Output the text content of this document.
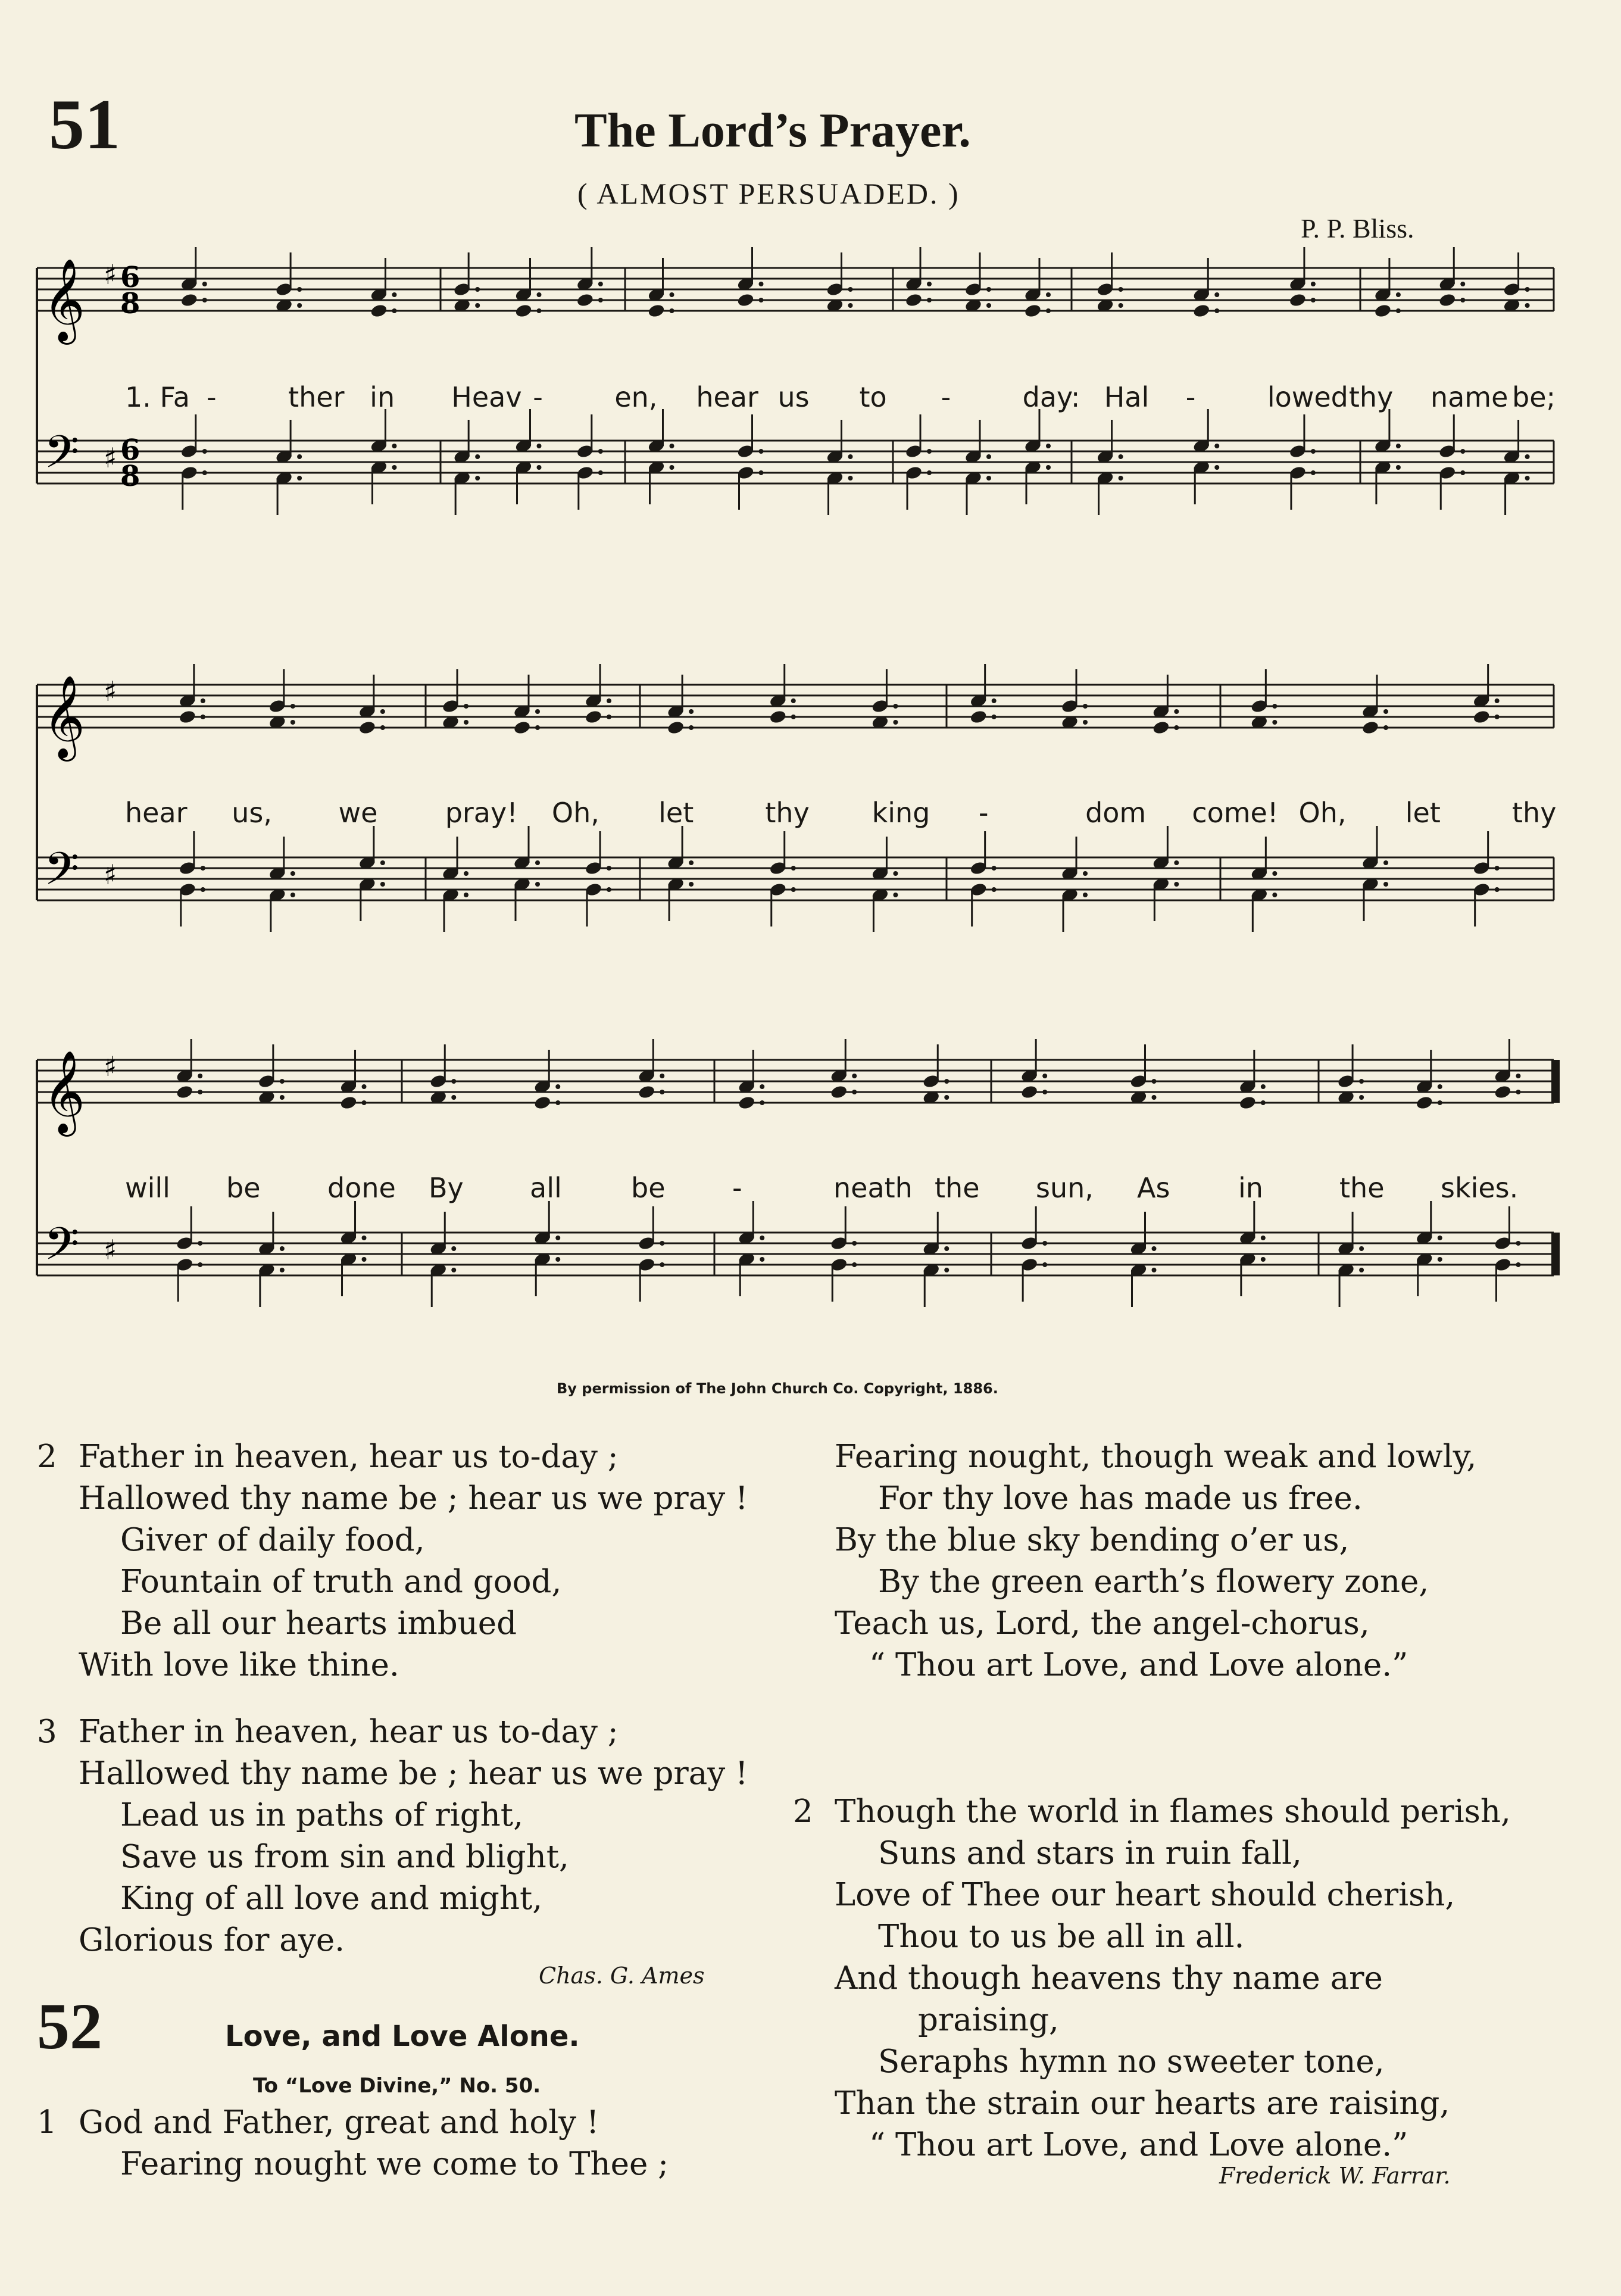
51	The Lord’s Prayer.
( ALMOST PERSUADED. )
P. P. Bliss.
𝄞
𝄢
♯
♯
6
8
6
8
𝄞
𝄢
♯
♯
𝄞
𝄢
♯
♯
1. Fa -	ther in Heav -	en, hear us to -	day: Hal -	lowed thy name be;
hear us, we pray! Oh, let	thy king -	dom come! Oh, let	thy
will be done By all	be -	neath the sun, As in	the skies.
By permission of The John Church Co. Copyright, 1886.
2 Father in heaven, hear us to-day ;
Hallowed thy name be ; hear us we pray !
Giver of daily food,
Fountain of truth and good,
Be all our hearts imbued
With love like thine.
3 Father in heaven, hear us to-day ;
Hallowed thy name be ; hear us we pray !
Lead us in paths of right,
Save us from sin and blight,
King of all love and might,
Glorious for aye.
Chas. G. Ames
52	Love, and Love Alone.
To “Love Divine,” No. 50.
1 God and Father, great and holy !
Fearing nought we come to Thee ;
Fearing nought, though weak and lowly,
For thy love has made us free.
By the blue sky bending o’er us,
By the green earth’s flowery zone,
Teach us, Lord, the angel-chorus,
“ Thou art Love, and Love alone.”
2 Though the world in flames should perish,
Suns and stars in ruin fall,
Love of Thee our heart should cherish,
Thou to us be all in all.
And though heavens thy name are
praising,
Seraphs hymn no sweeter tone,
Than the strain our hearts are raising,
“ Thou art Love, and Love alone.”
Frederick W. Farrar.
